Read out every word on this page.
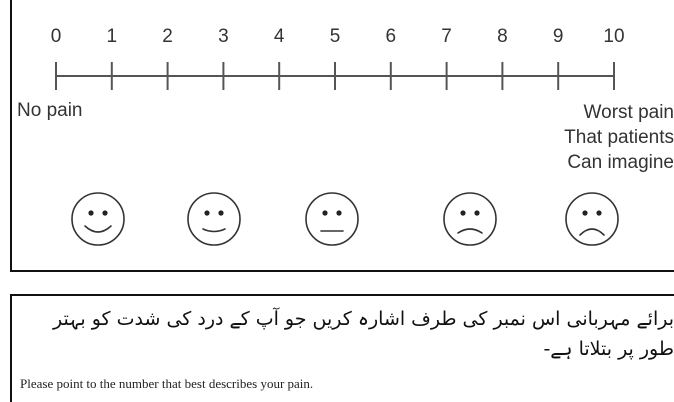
0 1 2 3 4 5 6 7 8 9 10
No pain	Worst pain
That patients
Can imagine
برائے مہربانی اس نمبر کی طرف اشارہ کریں جو آپ کے درد کی شدت کو بہتر طور پر بتلاتا ہے-
Please point to the number that best describes your pain.
